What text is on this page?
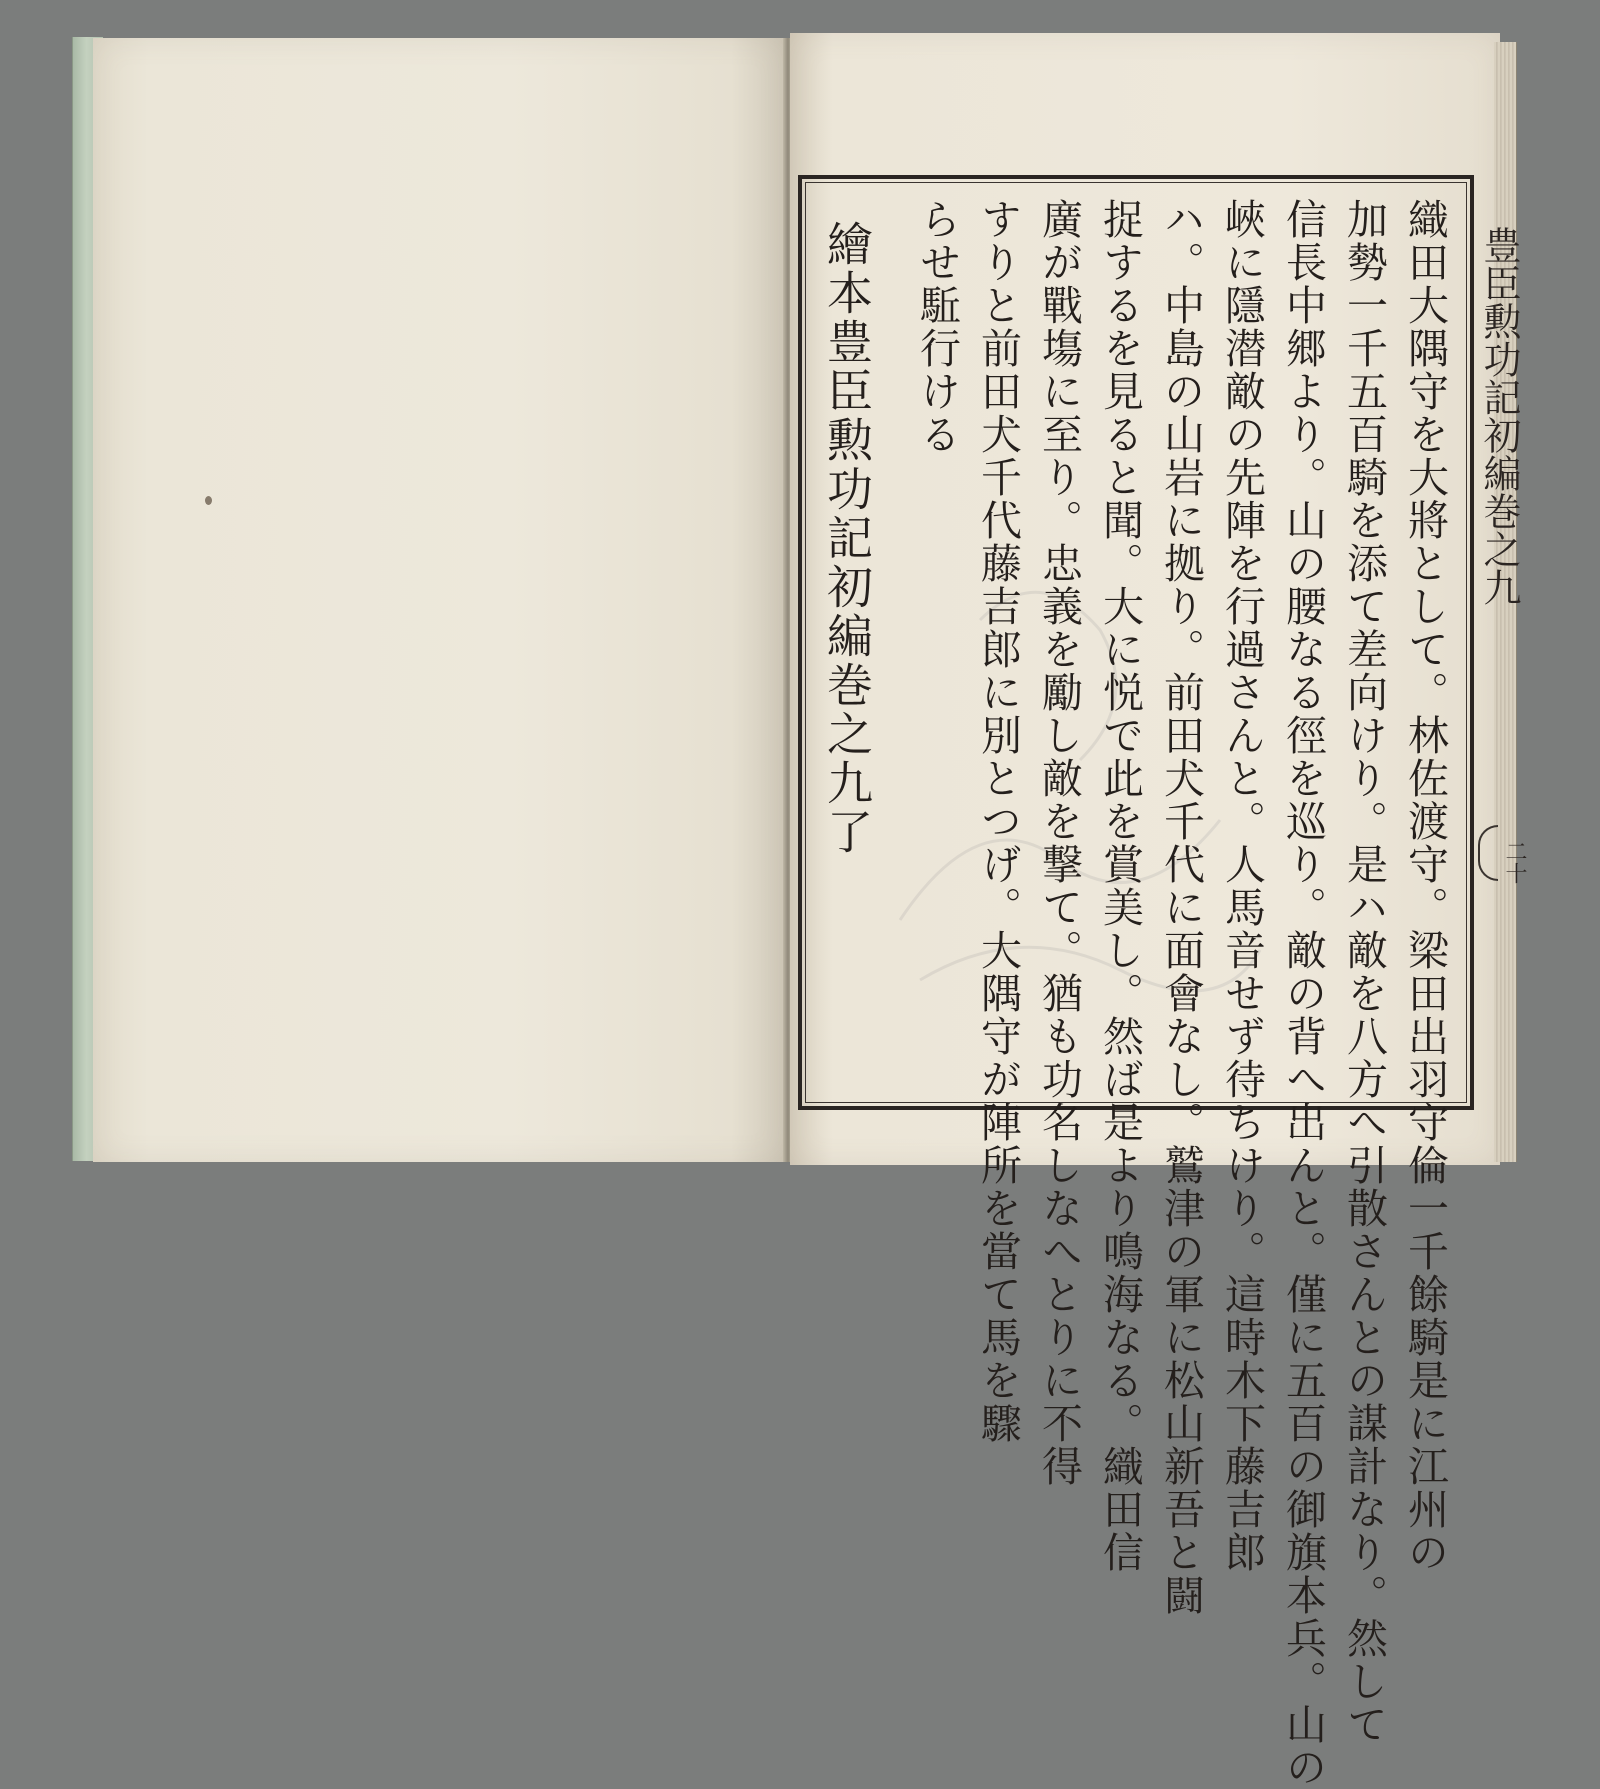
豊臣勲功記初編巻之九
二十
織田大隅守を大將として。林佐渡守。梁田出羽守倫一千餘騎是に江州の
加勢一千五百騎を添て差向けり。是ハ敵を八方へ引散さんとの謀計なり。然して
信長中郷より。山の腰なる徑を巡り。敵の背へ出んと。僅に五百の御旗本兵。山の
峽に隱潜敵の先陣を行過さんと。人馬音せず待ちけり。這時木下藤吉郎
ハ。中島の山岩に拠り。前田犬千代に面會なし。鷲津の軍に松山新吾と闘
捉するを見ると聞。大に悦で此を賞美し。然ば是より鳴海なる。織田信
廣が戰塲に至り。忠義を勵し敵を撃て。猶も功名しなへとりに不得
すりと前田犬千代藤吉郎に別とつげ。大隅守が陣所を當て馬を驟
らせ駈行ける
繪本豊臣勲功記初編巻之九了
